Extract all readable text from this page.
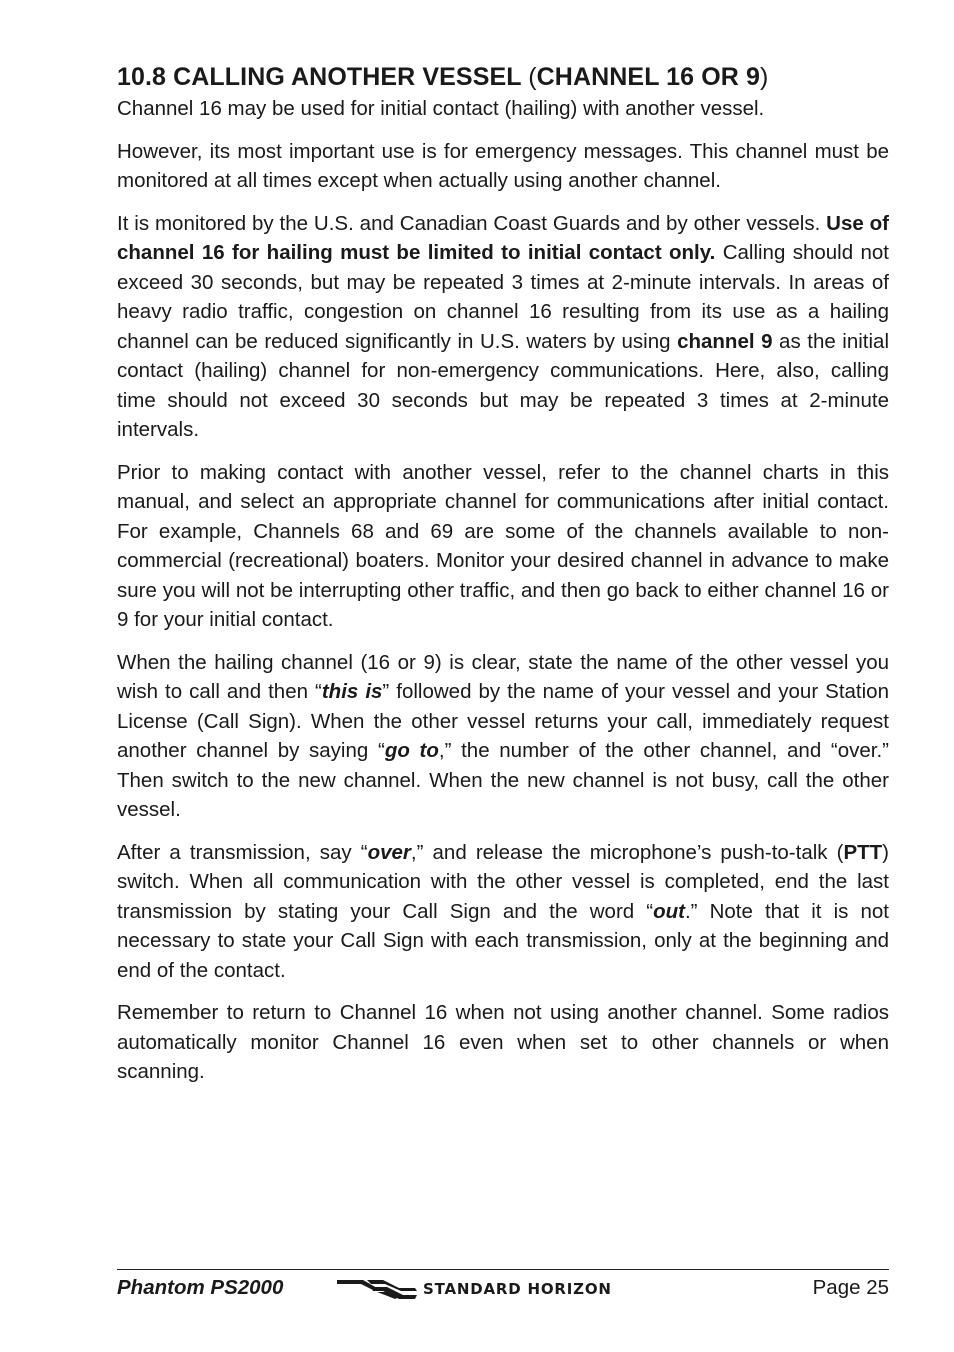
10.8 CALLING ANOTHER VESSEL (CHANNEL 16 OR 9)

Channel 16 may be used for initial contact (hailing) with another vessel.

However, its most important use is for emergency messages. This channel must be monitored at all times except when actually using another channel.

It is monitored by the U.S. and Canadian Coast Guards and by other vessels. Use of channel 16 for hailing must be limited to initial contact only. Calling should not exceed 30 seconds, but may be repeated 3 times at 2-minute intervals. In areas of heavy radio traffic, congestion on channel 16 resulting from its use as a hailing channel can be reduced significantly in U.S. waters by using channel 9 as the initial contact (hailing) channel for non-emergency communications. Here, also, calling time should not exceed 30 seconds but may be repeated 3 times at 2-minute intervals.

Prior to making contact with another vessel, refer to the channel charts in this manual, and select an appropriate channel for communications after initial contact. For example, Channels 68 and 69 are some of the channels available to non-commercial (recreational) boaters. Monitor your desired channel in advance to make sure you will not be interrupting other traffic, and then go back to either channel 16 or 9 for your initial contact.

When the hailing channel (16 or 9) is clear, state the name of the other vessel you wish to call and then “this is” followed by the name of your vessel and your Station License (Call Sign). When the other vessel returns your call, immediately request another channel by saying “go to,” the number of the other channel, and “over.” Then switch to the new channel. When the new channel is not busy, call the other vessel.

After a transmission, say “over,” and release the microphone’s push-to-talk (PTT) switch. When all communication with the other vessel is completed, end the last transmission by stating your Call Sign and the word “out.” Note that it is not necessary to state your Call Sign with each transmission, only at the beginning and end of the contact.

Remember to return to Channel 16 when not using another channel. Some radios automatically monitor Channel 16 even when set to other channels or when scanning.

Phantom PS2000	STANDARD HORIZON	Page 25
